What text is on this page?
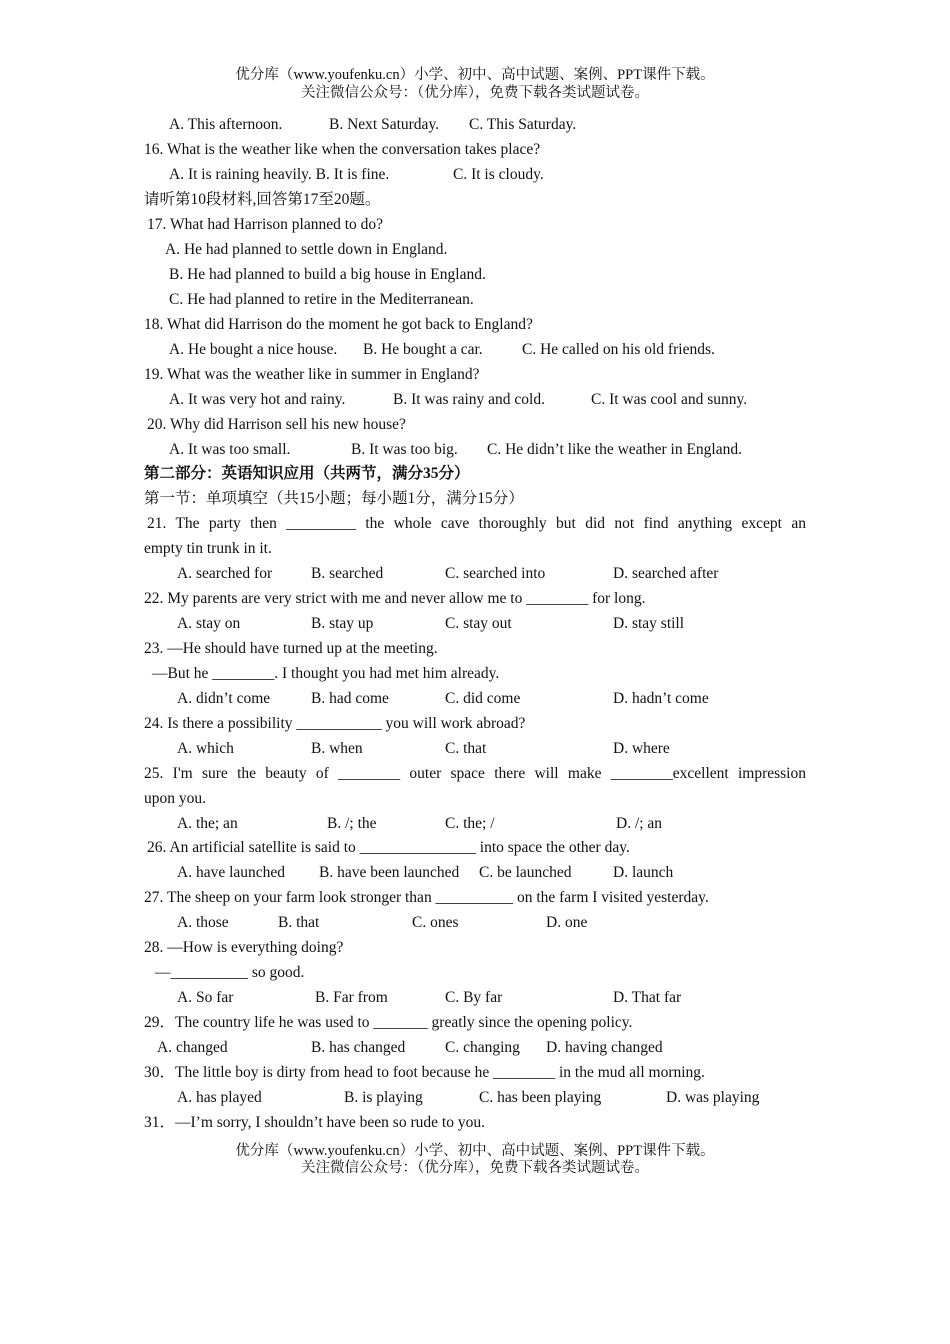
优分库（www.youfenku.cn）小学、初中、高中试题、案例、PPT课件下载。
关注微信公众号：（优分库），免费下载各类试题试卷。
A. This afternoon.	B. Next Saturday. C. This Saturday.
16. What is the weather like when the conversation takes place?
A. It is raining heavily. B. It is fine.	C. It is cloudy.
请听第10段材料,回答第17至20题。
17. What had Harrison planned to do?
A. He had planned to settle down in England.
B. He had planned to build a big house in England.
C. He had planned to retire in the Mediterranean.
18. What did Harrison do the moment he got back to England?
A. He bought a nice house. B. He bought a car.	C. He called on his old friends.
19. What was the weather like in summer in England?
A. It was very hot and rainy.	B. It was rainy and cold.	C. It was cool and sunny.
20. Why did Harrison sell his new house?
A. It was too small.	B. It was too big. C. He didn’t like the weather in England.
第二部分：英语知识应用（共两节，满分35分）
第一节：单项填空（共15小题；每小题1分，满分15分）
21. The party then _________ the whole cave thoroughly but did not find anything except an
empty tin trunk in it.
A. searched for	B. searched	C. searched into	D. searched after
22. My parents are very strict with me and never allow me to ________ for long.
A. stay on	B. stay up	C. stay out	D. stay still
23. —He should have turned up at the meeting.
—But he ________. I thought you had met him already.
A. didn’t come	B. had come	C. did come	D. hadn’t come
24. Is there a possibility ___________ you will work abroad?
A. which	B. when	C. that	D. where
25. I'm sure the beauty of ________ outer space there will make ________excellent impression
upon you.
A. the; an	B. /; the	C. the; /	D. /; an
26. An artificial satellite is said to _______________ into space the other day.
A. have launched B. have been launched C. be launched	D. launch
27. The sheep on your farm look stronger than __________ on the farm I visited yesterday.
A. those	B. that	C. ones	D. one
28. —How is everything doing?
—__________ so good.
A. So far	B. Far from	C. By far	D. That far
29．The country life he was used to _______ greatly since the opening policy.
A. changed	B. has changed	C. changing D. having changed
30．The little boy is dirty from head to foot because he ________ in the mud all morning.
A. has played	B. is playing	C. has been playing	D. was playing
31．—I’m sorry, I shouldn’t have been so rude to you.
优分库（www.youfenku.cn）小学、初中、高中试题、案例、PPT课件下载。
关注微信公众号：（优分库），免费下载各类试题试卷。
